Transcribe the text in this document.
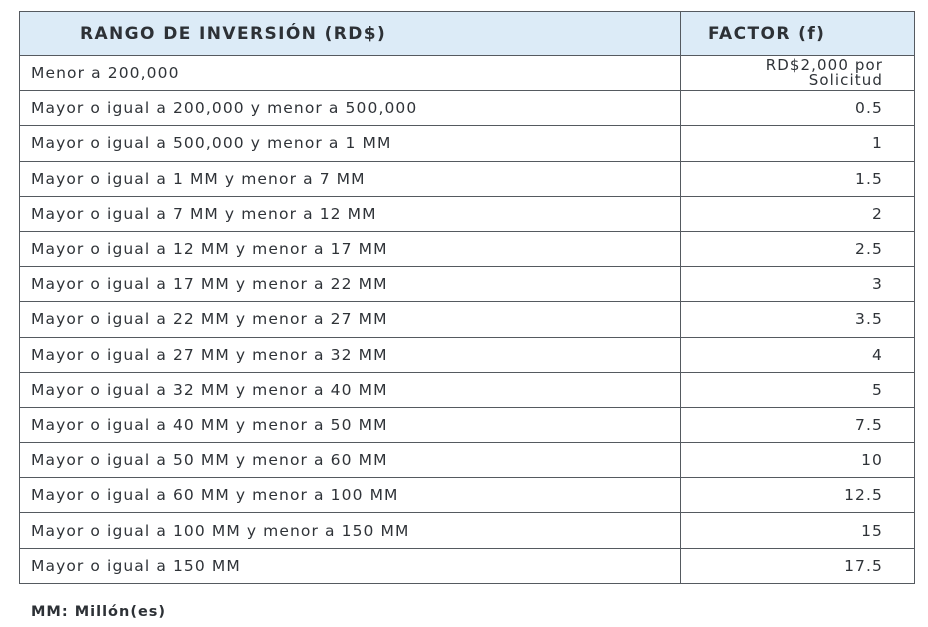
RANGO DE INVERSIÓN (RD$)	FACTOR (f)
Menor a 200,000	RD$2,000 por
Solicitud

Mayor o igual a 200,000 y menor a 500,000	0.5
Mayor o igual a 500,000 y menor a 1 MM	1
Mayor o igual a 1 MM y menor a 7 MM	1.5
Mayor o igual a 7 MM y menor a 12 MM	2
Mayor o igual a 12 MM y menor a 17 MM	2.5
Mayor o igual a 17 MM y menor a 22 MM	3
Mayor o igual a 22 MM y menor a 27 MM	3.5
Mayor o igual a 27 MM y menor a 32 MM	4
Mayor o igual a 32 MM y menor a 40 MM	5
Mayor o igual a 40 MM y menor a 50 MM	7.5
Mayor o igual a 50 MM y menor a 60 MM	10
Mayor o igual a 60 MM y menor a 100 MM	12.5
Mayor o igual a 100 MM y menor a 150 MM	15
Mayor o igual a 150 MM	17.5
MM: Millón(es)
